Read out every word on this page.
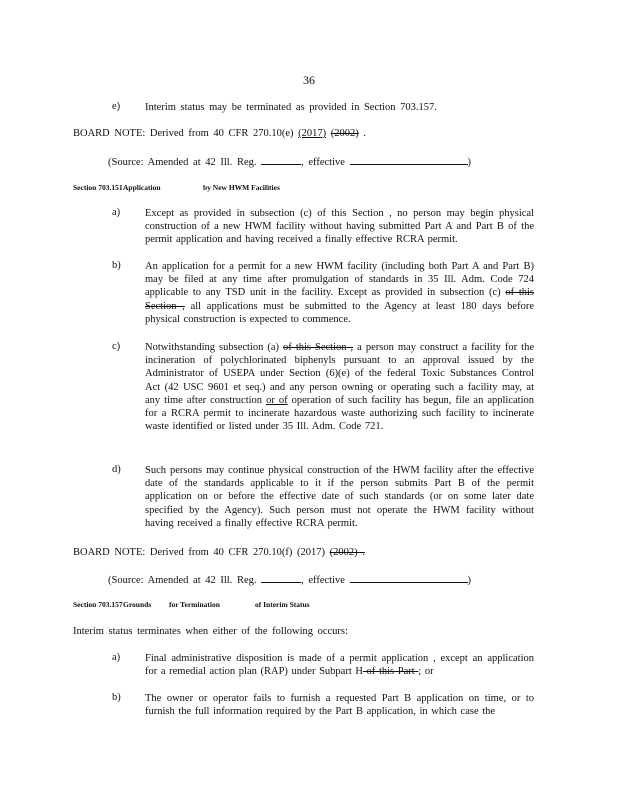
36
e) Interim status may be terminated as provided in Section 703.157.
BOARD NOTE: Derived from 40 CFR 270.10(e) (2017) (2002) .
(Source: Amended at 42 Ill. Reg.	, effective	)
Section 703.151Application	by New HWM Facilities
a) Except as provided in subsection (c) of this Section , no person may begin physical construction of a new HWM facility without having submitted Part A and Part B of the permit application and having received a finally effective RCRA permit.
b) An application for a permit for a new HWM facility (including both Part A and Part B) may be filed at any time after promulgation of standards in 35 Ill. Adm. Code 724 applicable to any TSD unit in the facility. Except as provided in subsection (c) of this Section , all applications must be submitted to the Agency at least 180 days before physical construction is expected to commence.
c) Notwithstanding subsection (a) of this Section , a person may construct a facility for the incineration of polychlorinated biphenyls pursuant to an approval issued by the Administrator of USEPA under Section (6)(e) of the federal Toxic Substances Control Act (42 USC 9601 et seq.) and any person owning or operating such a facility may, at any time after construction or of operation of such facility has begun, file an application for a RCRA permit to incinerate hazardous waste authorizing such facility to incinerate waste identified or listed under 35 Ill. Adm. Code 721.
d) Such persons may continue physical construction of the HWM facility after the effective date of the standards applicable to it if the person submits Part B of the permit application on or before the effective date of such standards (or on some later date specified by the Agency). Such person must not operate the HWM facility without having received a finally effective RCRA permit.
BOARD NOTE: Derived from 40 CFR 270.10(f) (2017) (2002) .
(Source: Amended at 42 Ill. Reg.	, effective	)
Section 703.157Grounds for Termination	of Interim Status
Interim status terminates when either of the following occurs:
a) Final administrative disposition is made of a permit application , except an application for a remedial action plan (RAP) under Subpart H of this Part ; or
b) The owner or operator fails to furnish a requested Part B application on time, or to furnish the full information required by the Part B application, in which case the
